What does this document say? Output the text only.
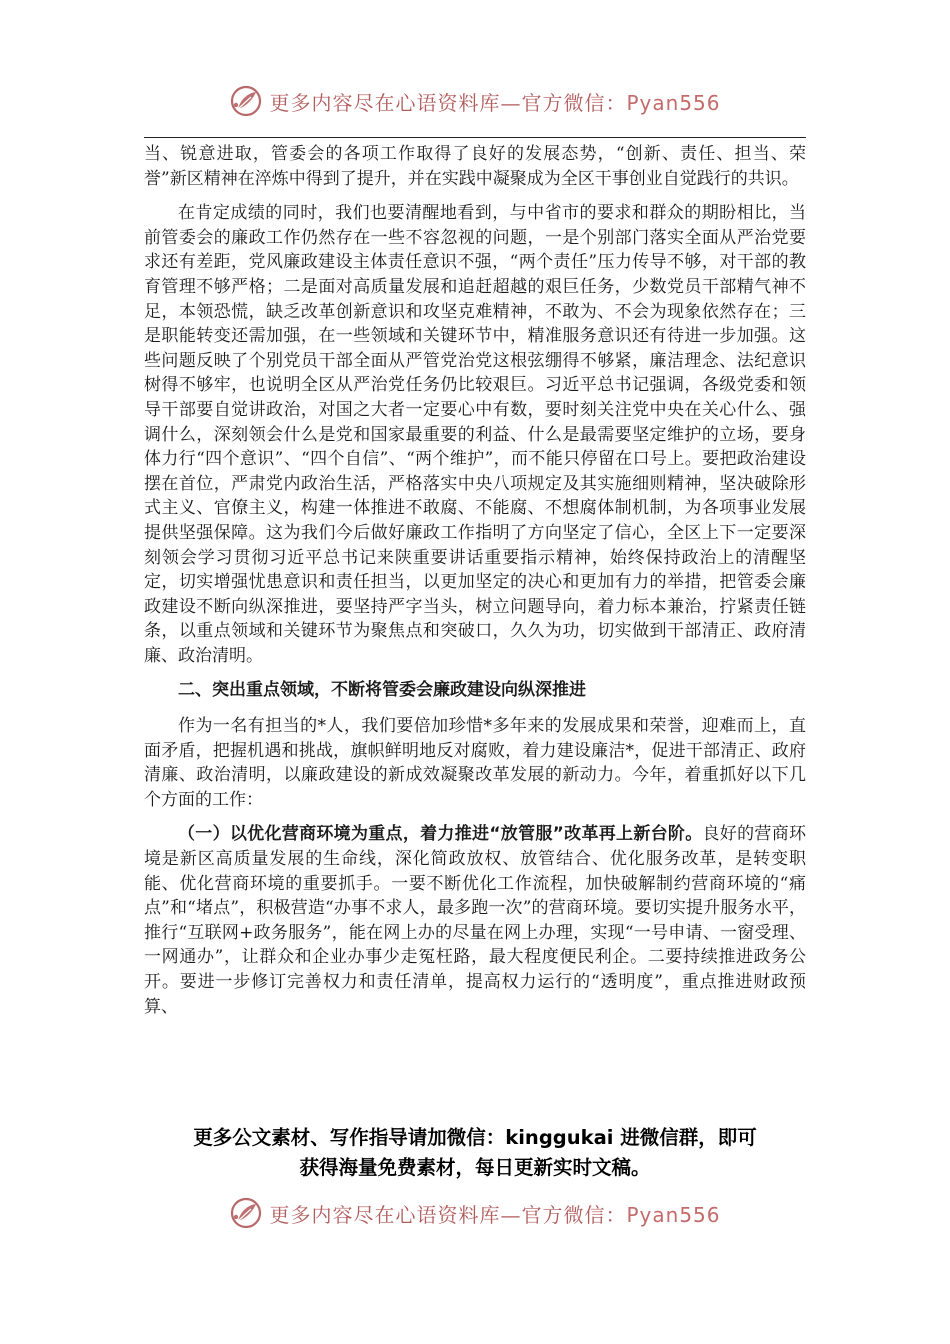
更多内容尽在心语资料库—官方微信：Pyan556

当、锐意进取，管委会的各项工作取得了良好的发展态势，“创新、责任、担当、荣誉”新区精神在淬炼中得到了提升，并在实践中凝聚成为全区干事创业自觉践行的共识。

在肯定成绩的同时，我们也要清醒地看到，与中省市的要求和群众的期盼相比，当前管委会的廉政工作仍然存在一些不容忽视的问题，一是个别部门落实全面从严治党要求还有差距，党风廉政建设主体责任意识不强，“两个责任”压力传导不够，对干部的教育管理不够严格；二是面对高质量发展和追赶超越的艰巨任务，少数党员干部精气神不足，本领恐慌，缺乏改革创新意识和攻坚克难精神，不敢为、不会为现象依然存在；三是职能转变还需加强，在一些领域和关键环节中，精准服务意识还有待进一步加强。这些问题反映了个别党员干部全面从严管党治党这根弦绷得不够紧，廉洁理念、法纪意识树得不够牢，也说明全区从严治党任务仍比较艰巨。习近平总书记强调，各级党委和领导干部要自觉讲政治，对国之大者一定要心中有数，要时刻关注党中央在关心什么、强调什么，深刻领会什么是党和国家最重要的利益、什么是最需要坚定维护的立场，要身体力行“四个意识”、“四个自信”、“两个维护”，而不能只停留在口号上。要把政治建设摆在首位，严肃党内政治生活，严格落实中央八项规定及其实施细则精神，坚决破除形式主义、官僚主义，构建一体推进不敢腐、不能腐、不想腐体制机制，为各项事业发展提供坚强保障。这为我们今后做好廉政工作指明了方向坚定了信心，全区上下一定要深刻领会学习贯彻习近平总书记来陕重要讲话重要指示精神，始终保持政治上的清醒坚定，切实增强忧患意识和责任担当，以更加坚定的决心和更加有力的举措，把管委会廉政建设不断向纵深推进，要坚持严字当头，树立问题导向，着力标本兼治，拧紧责任链条，以重点领域和关键环节为聚焦点和突破口，久久为功，切实做到干部清正、政府清廉、政治清明。

二、突出重点领域，不断将管委会廉政建设向纵深推进

作为一名有担当的*人，我们要倍加珍惜*多年来的发展成果和荣誉，迎难而上，直面矛盾，把握机遇和挑战，旗帜鲜明地反对腐败，着力建设廉洁*，促进干部清正、政府清廉、政治清明，以廉政建设的新成效凝聚改革发展的新动力。今年，着重抓好以下几个方面的工作：

（一）以优化营商环境为重点，着力推进“放管服”改革再上新台阶。良好的营商环境是新区高质量发展的生命线，深化简政放权、放管结合、优化服务改革，是转变职能、优化营商环境的重要抓手。一要不断优化工作流程，加快破解制约营商环境的“痛点”和“堵点”，积极营造“办事不求人，最多跑一次”的营商环境。要切实提升服务水平，推行“互联网+政务服务”，能在网上办的尽量在网上办理，实现“一号申请、一窗受理、一网通办”，让群众和企业办事少走冤枉路，最大程度便民利企。二要持续推进政务公开。要进一步修订完善权力和责任清单，提高权力运行的“透明度”，重点推进财政预算、

更多公文素材、写作指导请加微信：kinggukai 进微信群，即可
获得海量免费素材，每日更新实时文稿。
更多内容尽在心语资料库—官方微信：Pyan556
